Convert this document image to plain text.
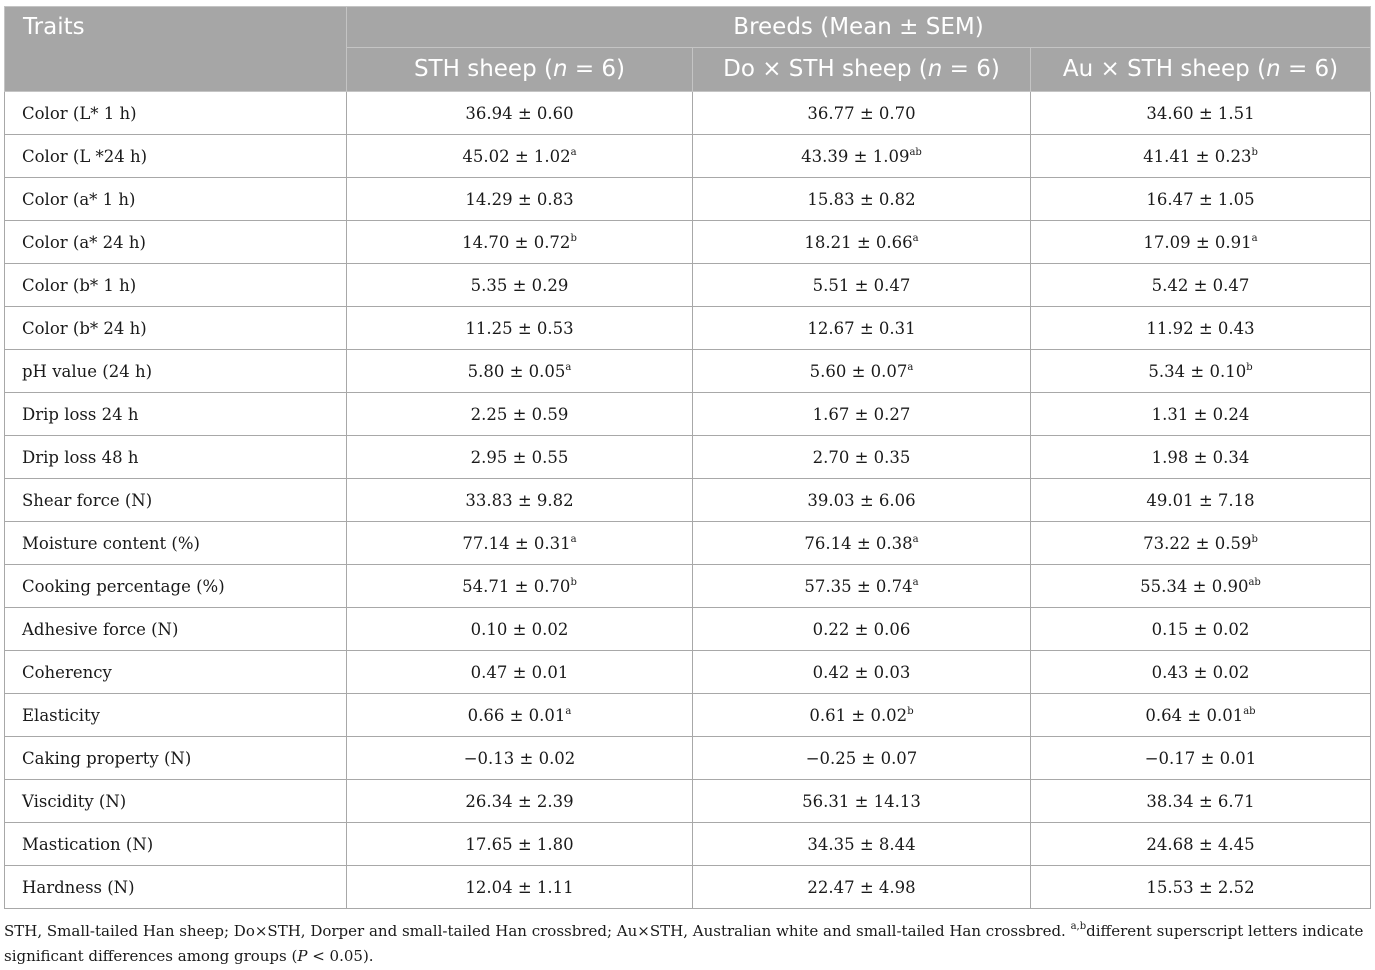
Traits	Breeds (Mean ± SEM)		
	STH sheep (n = 6)	Do × STH sheep (n = 6)	Au × STH sheep (n = 6)
Color (L* 1 h)	36.94 ± 0.60	36.77 ± 0.70	34.60 ± 1.51
Color (L *24 h)	45.02 ± 1.02$^a$	43.39 ± 1.09$^{ab}$	41.41 ± 0.23$^b$
Color (a* 1 h)	14.29 ± 0.83	15.83 ± 0.82	16.47 ± 1.05
Color (a* 24 h)	14.70 ± 0.72$^b$	18.21 ± 0.66$^a$	17.09 ± 0.91$^a$
Color (b* 1 h)	5.35 ± 0.29	5.51 ± 0.47	5.42 ± 0.47
Color (b* 24 h)	11.25 ± 0.53	12.67 ± 0.31	11.92 ± 0.43
pH value (24 h)	5.80 ± 0.05$^a$	5.60 ± 0.07$^a$	5.34 ± 0.10$^b$
Drip loss 24 h	2.25 ± 0.59	1.67 ± 0.27	1.31 ± 0.24
Drip loss 48 h	2.95 ± 0.55	2.70 ± 0.35	1.98 ± 0.34
Shear force (N)	33.83 ± 9.82	39.03 ± 6.06	49.01 ± 7.18
Moisture content (%)	77.14 ± 0.31$^a$	76.14 ± 0.38$^a$	73.22 ± 0.59$^b$
Cooking percentage (%)	54.71 ± 0.70$^b$	57.35 ± 0.74$^a$	55.34 ± 0.90$^{ab}$
Adhesive force (N)	0.10 ± 0.02	0.22 ± 0.06	0.15 ± 0.02
Coherency	0.47 ± 0.01	0.42 ± 0.03	0.43 ± 0.02
Elasticity	0.66 ± 0.01$^a$	0.61 ± 0.02$^b$	0.64 ± 0.01$^{ab}$
Caking property (N)	−0.13 ± 0.02	−0.25 ± 0.07	−0.17 ± 0.01
Viscidity (N)	26.34 ± 2.39	56.31 ± 14.13	38.34 ± 6.71
Mastication (N)	17.65 ± 1.80	34.35 ± 8.44	24.68 ± 4.45
Hardness (N)	12.04 ± 1.11	22.47 ± 4.98	15.53 ± 2.52
STH, Small-tailed Han sheep; Do×STH, Dorper and small-tailed Han crossbred; Au×STH, Australian white and small-tailed Han crossbred. $^{a,b}$different superscript letters indicate significant differences among groups (P < 0.05).
